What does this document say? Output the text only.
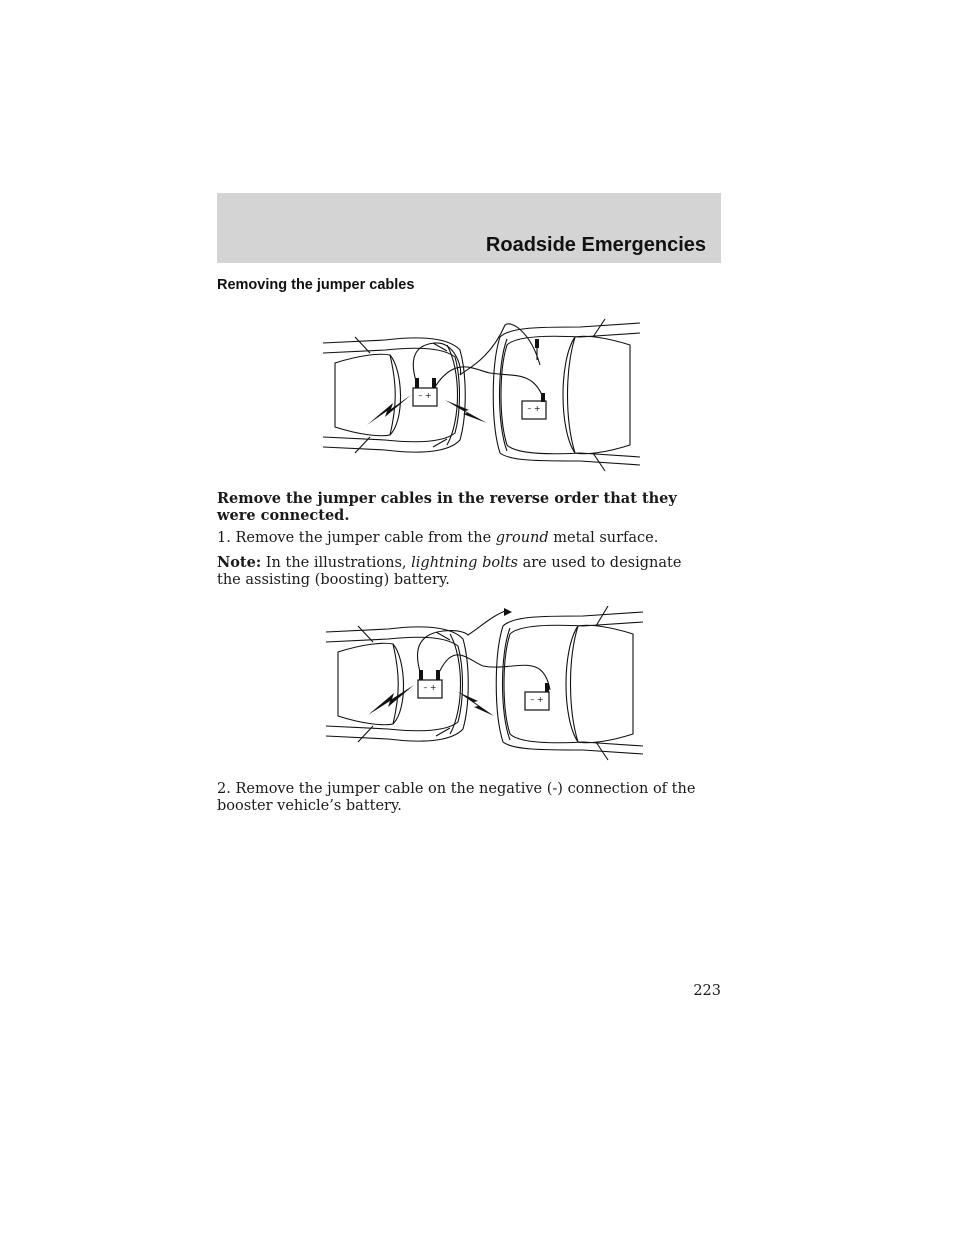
Roadside Emergencies
Removing the jumper cables
– +
– +
Remove the jumper cables in the reverse order that they were connected.
1. Remove the jumper cable from the ground metal surface.
Note: In the illustrations, lightning bolts are used to designate the assisting (boosting) battery.
– +
– +
2. Remove the jumper cable on the negative (-) connection of the booster vehicle’s battery.
223
